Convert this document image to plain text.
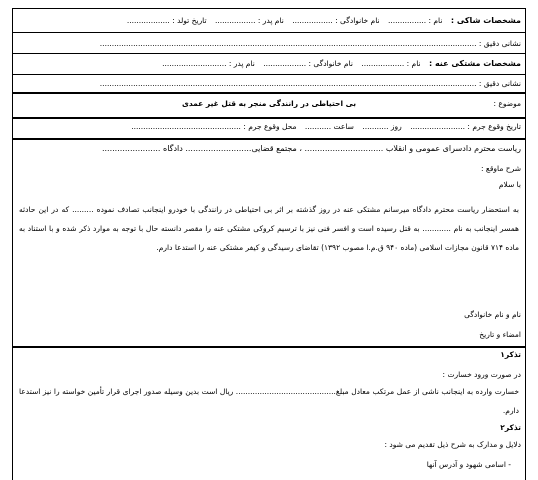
مشخصات شاکی : نام : ................ نام خانوادگی : ................. نام پدر : ................. تاریخ تولد : ..................
نشانی دقیق : ..............................................................................................................................................................
مشخصات مشتکی عنه : نام : .................. نام خانوادگی : .................. نام پدر : ...........................
نشانی دقیق : ..............................................................................................................................................................
موضوع :
بی احتیاطی در رانندگی منجر به قتل غیر عمدی
تاریخ وقوع جرم : ....................... روز ........... ساعت ........... محل وقوع جرم : ..............................................
ریاست محترم دادسرای عمومی و انقلاب ............................... ، مجتمع قضایی.......................... دادگاه .......................
شرح ماوقع :
با سلام
به استحضار ریاست محترم دادگاه میرسانم مشتکی عنه در روز گذشته بر اثر بی احتیاطی در رانندگی با خودرو اینجانب تصادف نموده ......... که در این حادثه همسر اینجانب به نام ............ به قتل رسیده است و افسر فنی نیز با ترسیم کروکی مشتکی عنه را مقصر دانسته حال با توجه به موارد ذکر شده و با استناد به ماده ۷۱۴ قانون مجازات اسلامی (ماده ۹۴۰ ق.م.ا مصوب ۱۳۹۲) تقاضای رسیدگی و کیفر مشتکی عنه را استدعا دارم.
نام و نام خانوادگی
امضاء و تاریخ
تذکر۱
در صورت ورود خسارت :
خسارت وارده به اینجانب ناشی از عمل مرتکب معادل مبلغ.......................................... ریال است بدین وسیله صدور اجرای قرار تأمین خواسته را نیز استدعا دارم.
تذکر۲
دلایل و مدارک به شرح ذیل تقدیم می شود :
- اسامی شهود و آدرس آنها
